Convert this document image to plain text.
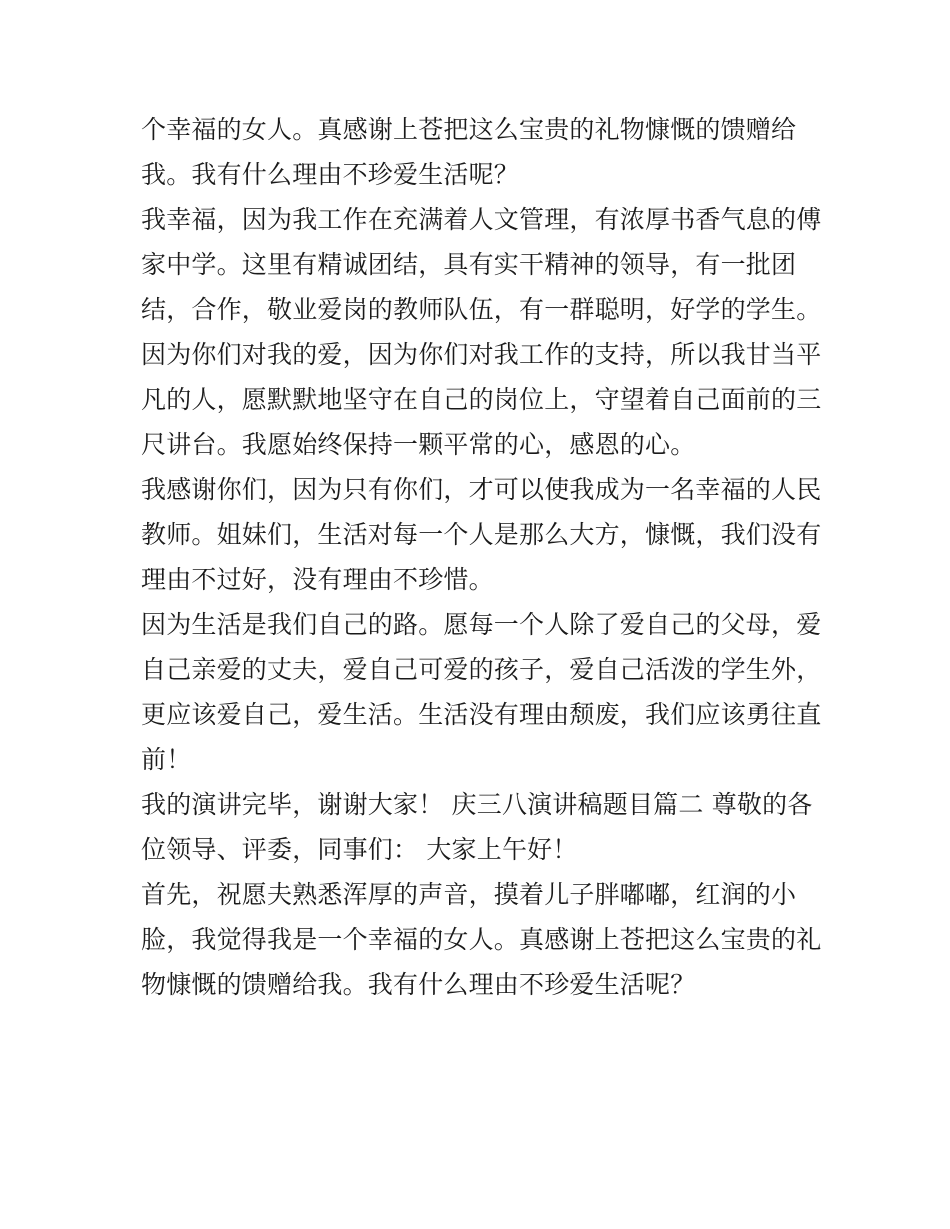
个幸福的女人。真感谢上苍把这么宝贵的礼物慷慨的馈赠给
我。我有什么理由不珍爱生活呢？
我幸福，因为我工作在充满着人文管理，有浓厚书香气息的傅
家中学。这里有精诚团结，具有实干精神的领导，有一批团
结，合作，敬业爱岗的教师队伍，有一群聪明，好学的学生。
因为你们对我的爱，因为你们对我工作的支持，所以我甘当平
凡的人，愿默默地坚守在自己的岗位上，守望着自己面前的三
尺讲台。我愿始终保持一颗平常的心，感恩的心。
我感谢你们，因为只有你们，才可以使我成为一名幸福的人民
教师。姐妹们，生活对每一个人是那么大方，慷慨，我们没有
理由不过好，没有理由不珍惜。
因为生活是我们自己的路。愿每一个人除了爱自己的父母，爱
自己亲爱的丈夫，爱自己可爱的孩子，爱自己活泼的学生外，
更应该爱自己，爱生活。生活没有理由颓废，我们应该勇往直
前！
我的演讲完毕，谢谢大家！ 庆三八演讲稿题目篇二 尊敬的各
位领导、评委，同事们： 大家上午好！
首先，祝愿夫熟悉浑厚的声音，摸着儿子胖嘟嘟，红润的小
脸，我觉得我是一个幸福的女人。真感谢上苍把这么宝贵的礼
物慷慨的馈赠给我。我有什么理由不珍爱生活呢？
